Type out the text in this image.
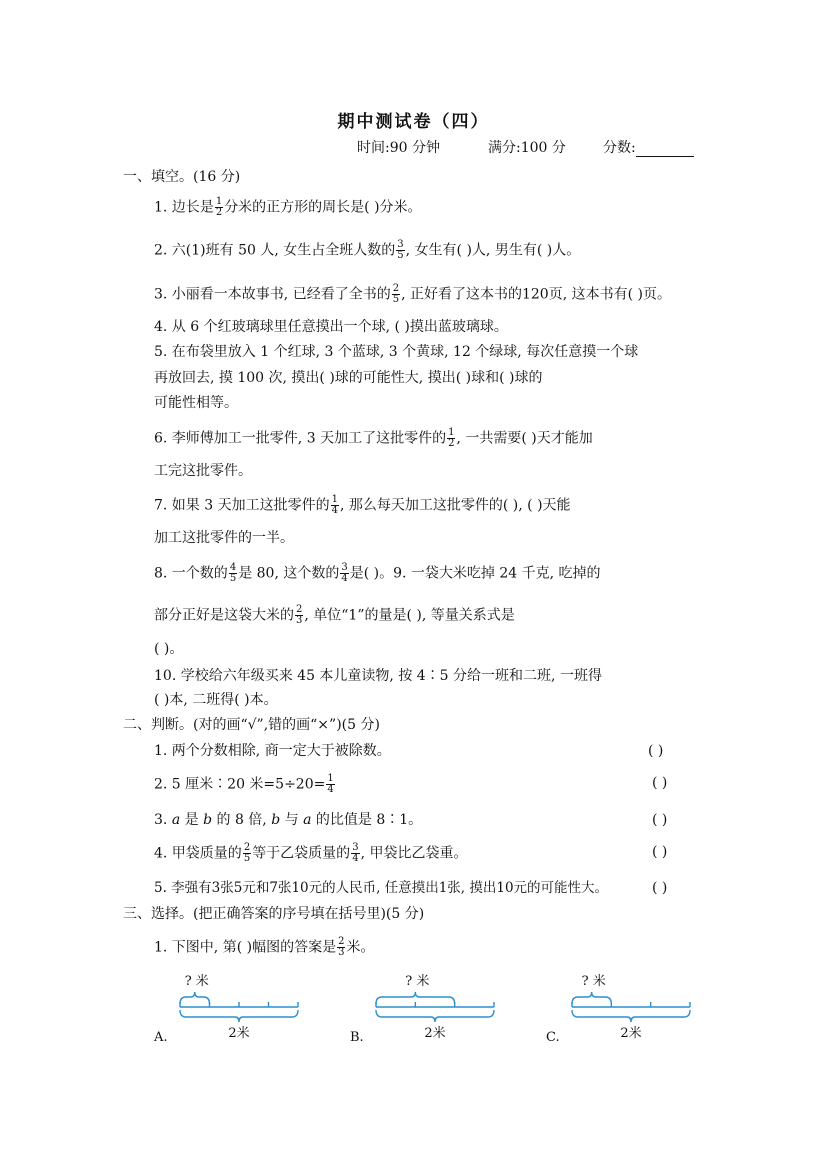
期中测试卷（四）
时间:90 分钟	满分:100 分	分数:
一、填空。(16 分)
1. 边长是 $\frac{1}{2}$ 分米的正方形的周长是( )分米。
2. 六(1)班有 50 人, 女生占全班人数的 $\frac{3}{5}$ , 女生有( )人, 男生有( )人。
3. 小丽看一本故事书, 已经看了全书的 $\frac{2}{5}$ , 正好看了这本书的120页, 这本书有( )页。
4. 从 6 个红玻璃球里任意摸出一个球, ( )摸出蓝玻璃球。
5. 在布袋里放入 1 个红球, 3 个蓝球, 3 个黄球, 12 个绿球, 每次任意摸一个球
再放回去, 摸 100 次, 摸出( )球的可能性大, 摸出( )球和( )球的
可能性相等。
6. 李师傅加工一批零件, 3 天加工了这批零件的 $\frac{1}{2}$ , 一共需要( )天才能加
工完这批零件。
7. 如果 3 天加工这批零件的 $\frac{1}{4}$ , 那么每天加工这批零件的( ), ( )天能
加工这批零件的一半。
8. 一个数的 $\frac{4}{5}$ 是 80, 这个数的 $\frac{3}{4}$ 是( )。9. 一袋大米吃掉 24 千克, 吃掉的
部分正好是这袋大米的 $\frac{2}{3}$ , 单位“1”的量是( ), 等量关系式是
( )。
10. 学校给六年级买来 45 本儿童读物, 按 4∶5 分给一班和二班, 一班得
( )本, 二班得( )本。
二、判断。(对的画“√”,错的画“×”)(5 分)
1. 两个分数相除, 商一定大于被除数。	( )
2. 5 厘米∶20 米$=5\div 20= \frac{1}{4}$	( )
3. a 是 b 的 8 倍, b 与 a 的比值是 8∶1。	( )
4. 甲袋质量的 $\frac{2}{5}$ 等于乙袋质量的 $\frac{3}{4}$ , 甲袋比乙袋重。	( )
5. 李强有3张5元和7张10元的人民币, 任意摸出1张, 摸出10元的可能性大。	( )
三、选择。(把正确答案的序号填在括号里)(5 分)
1. 下图中, 第( )幅图的答案是 $\frac{2}{3}$ 米。
? 米
2米
A.
? 米
2米
B.
? 米
2米
C.
